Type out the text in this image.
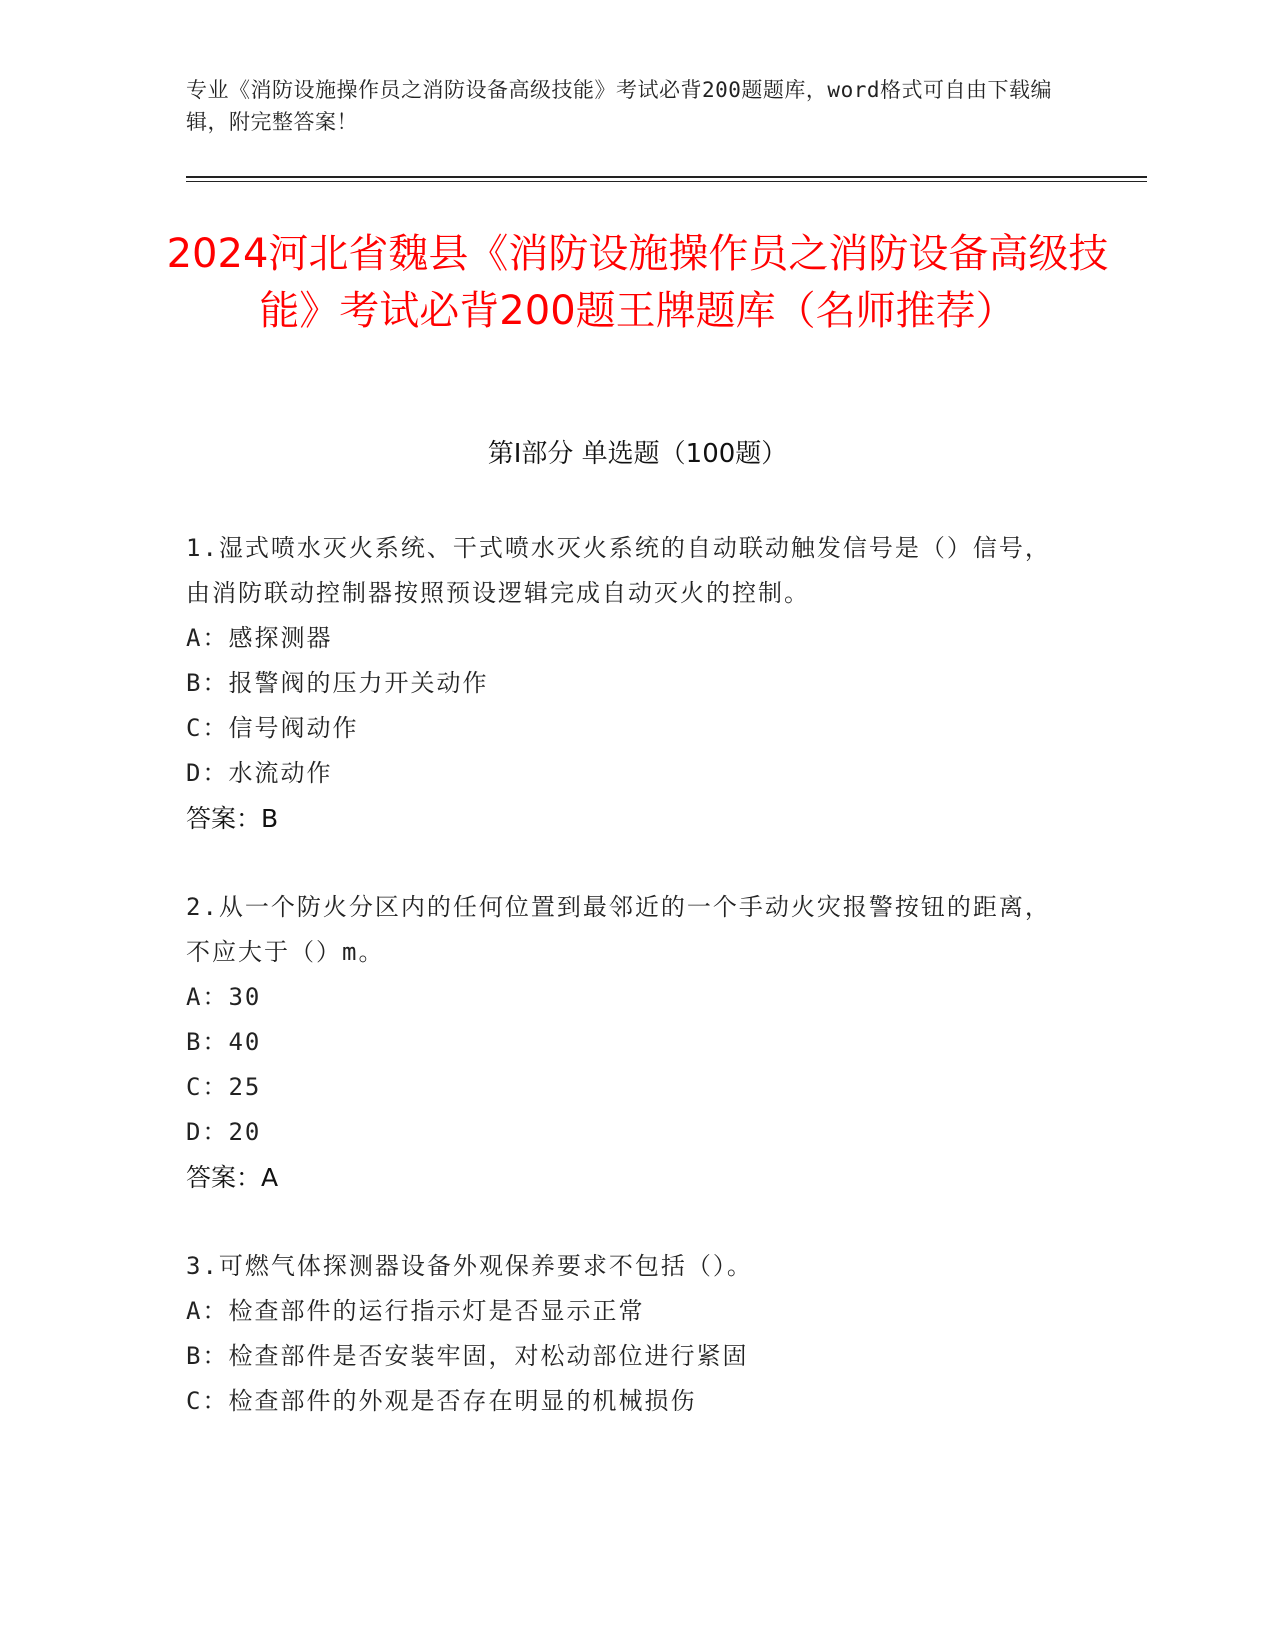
专业《消防设施操作员之消防设备高级技能》考试必背200题题库，word格式可自由下载编辑，附完整答案！
2024河北省魏县《消防设施操作员之消防设备高级技能》考试必背200题王牌题库（名师推荐）
第I部分 单选题（100题）
1.湿式喷水灭火系统、干式喷水灭火系统的自动联动触发信号是（）信号，由消防联动控制器按照预设逻辑完成自动灭火的控制。
A：感探测器
B：报警阀的压力开关动作
C：信号阀动作
D：水流动作
答案：B
2.从一个防火分区内的任何位置到最邻近的一个手动火灾报警按钮的距离，不应大于（）m。
A：30
B：40
C：25
D：20
答案：A
3.可燃气体探测器设备外观保养要求不包括（）。
A：检查部件的运行指示灯是否显示正常
B：检查部件是否安装牢固，对松动部位进行紧固
C：检查部件的外观是否存在明显的机械损伤
